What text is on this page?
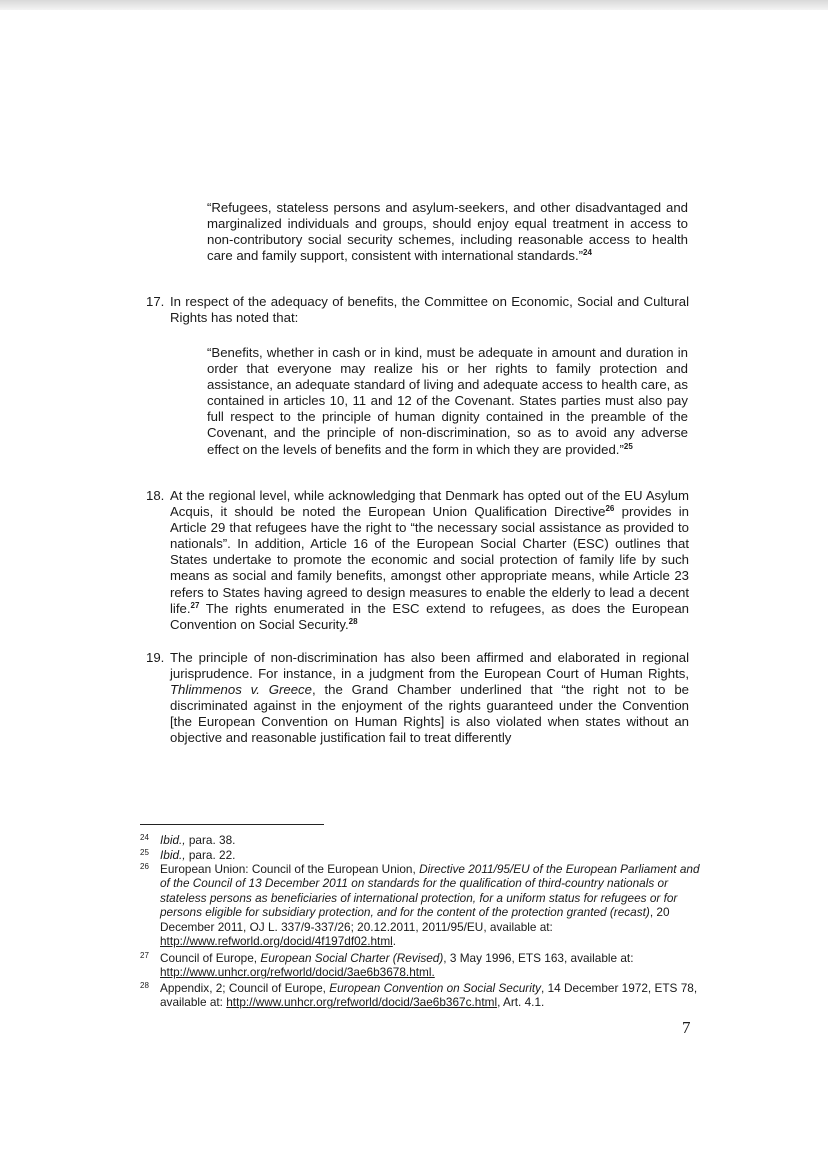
“Refugees, stateless persons and asylum-seekers, and other disadvantaged and marginalized individuals and groups, should enjoy equal treatment in access to non-contributory social security schemes, including reasonable access to health care and family support, consistent with international standards.”$^{24}$

17. In respect of the adequacy of benefits, the Committee on Economic, Social and Cultural Rights has noted that:

“Benefits, whether in cash or in kind, must be adequate in amount and duration in order that everyone may realize his or her rights to family protection and assistance, an adequate standard of living and adequate access to health care, as contained in articles 10, 11 and 12 of the Covenant. States parties must also pay full respect to the principle of human dignity contained in the preamble of the Covenant, and the principle of non-discrimination, so as to avoid any adverse effect on the levels of benefits and the form in which they are provided.”$^{25}$

18. At the regional level, while acknowledging that Denmark has opted out of the EU Asylum Acquis, it should be noted the European Union Qualification Directive$^{26}$ provides in Article 29 that refugees have the right to “the necessary social assistance as provided to nationals”. In addition, Article 16 of the European Social Charter (ESC) outlines that States undertake to promote the economic and social protection of family life by such means as social and family benefits, amongst other appropriate means, while Article 23 refers to States having agreed to design measures to enable the elderly to lead a decent life.$^{27}$ The rights enumerated in the ESC extend to refugees, as does the European Convention on Social Security.$^{28}$

19. The principle of non-discrimination has also been affirmed and elaborated in regional jurisprudence. For instance, in a judgment from the European Court of Human Rights, Thlimmenos v. Greece, the Grand Chamber underlined that “the right not to be discriminated against in the enjoyment of the rights guaranteed under the Convention [the European Convention on Human Rights] is also violated when states without an objective and reasonable justification fail to treat differently

24 Ibid., para. 38.

25 Ibid., para. 22.

26 European Union: Council of the European Union, Directive 2011/95/EU of the European Parliament and of the Council of 13 December 2011 on standards for the qualification of third-country nationals or stateless persons as beneficiaries of international protection, for a uniform status for refugees or for persons eligible for subsidiary protection, and for the content of the protection granted (recast), 20 December 2011, OJ L. 337/9-337/26; 20.12.2011, 2011/95/EU, available at: http://www.refworld.org/docid/4f197df02.html.

27 Council of Europe, European Social Charter (Revised), 3 May 1996, ETS 163, available at: http://www.unhcr.org/refworld/docid/3ae6b3678.html.

28 Appendix, 2; Council of Europe, European Convention on Social Security, 14 December 1972, ETS 78, available at: http://www.unhcr.org/refworld/docid/3ae6b367c.html, Art. 4.1.

7
